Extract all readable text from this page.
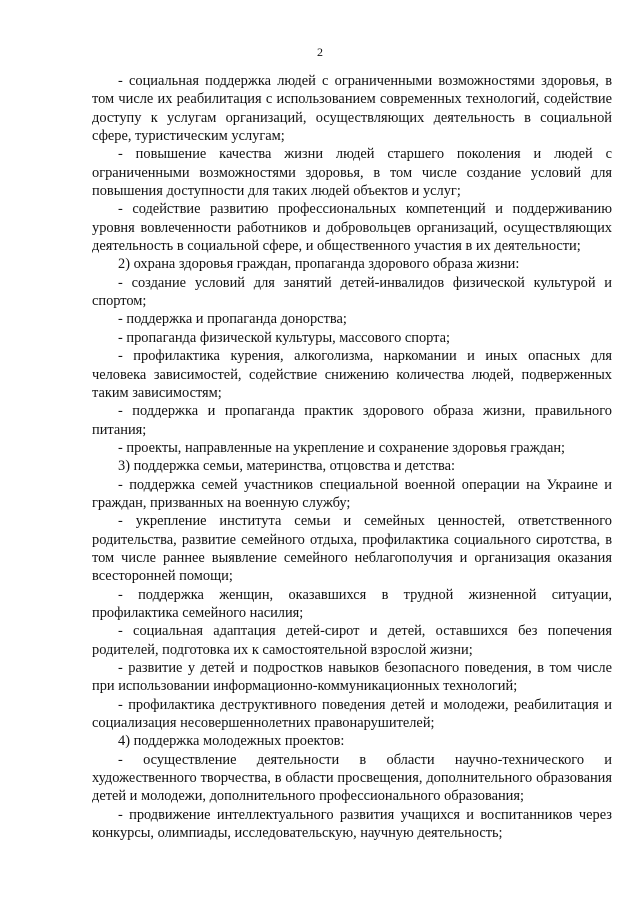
2

- социальная поддержка людей с ограниченными возможностями здоровья, в том числе их реабилитация с использованием современных технологий, содействие доступу к услугам организаций, осуществляющих деятельность в социальной сфере, туристическим услугам;

- повышение качества жизни людей старшего поколения и людей с ограниченными возможностями здоровья, в том числе создание условий для повышения доступности для таких людей объектов и услуг;

- содействие развитию профессиональных компетенций и поддерживанию уровня вовлеченности работников и добровольцев организаций, осуществляющих деятельность в социальной сфере, и общественного участия в их деятельности;

2) охрана здоровья граждан, пропаганда здорового образа жизни:

- создание условий для занятий детей-инвалидов физической культурой и спортом;

- поддержка и пропаганда донорства;

- пропаганда физической культуры, массового спорта;

- профилактика курения, алкоголизма, наркомании и иных опасных для человека зависимостей, содействие снижению количества людей, подверженных таким зависимостям;

- поддержка и пропаганда практик здорового образа жизни, правильного питания;

- проекты, направленные на укрепление и сохранение здоровья граждан;

3) поддержка семьи, материнства, отцовства и детства:

- поддержка семей участников специальной военной операции на Украине и граждан, призванных на военную службу;

- укрепление института семьи и семейных ценностей, ответственного родительства, развитие семейного отдыха, профилактика социального сиротства, в том числе раннее выявление семейного неблагополучия и организация оказания всесторонней помощи;

- поддержка женщин, оказавшихся в трудной жизненной ситуации, профилактика семейного насилия;

- социальная адаптация детей-сирот и детей, оставшихся без попечения родителей, подготовка их к самостоятельной взрослой жизни;

- развитие у детей и подростков навыков безопасного поведения, в том числе при использовании информационно-коммуникационных технологий;

- профилактика деструктивного поведения детей и молодежи, реабилитация и социализация несовершеннолетних правонарушителей;

4) поддержка молодежных проектов:

- осуществление деятельности в области научно-технического и художественного творчества, в области просвещения, дополнительного образования детей и молодежи, дополнительного профессионального образования;

- продвижение интеллектуального развития учащихся и воспитанников через конкурсы, олимпиады, исследовательскую, научную деятельность;
